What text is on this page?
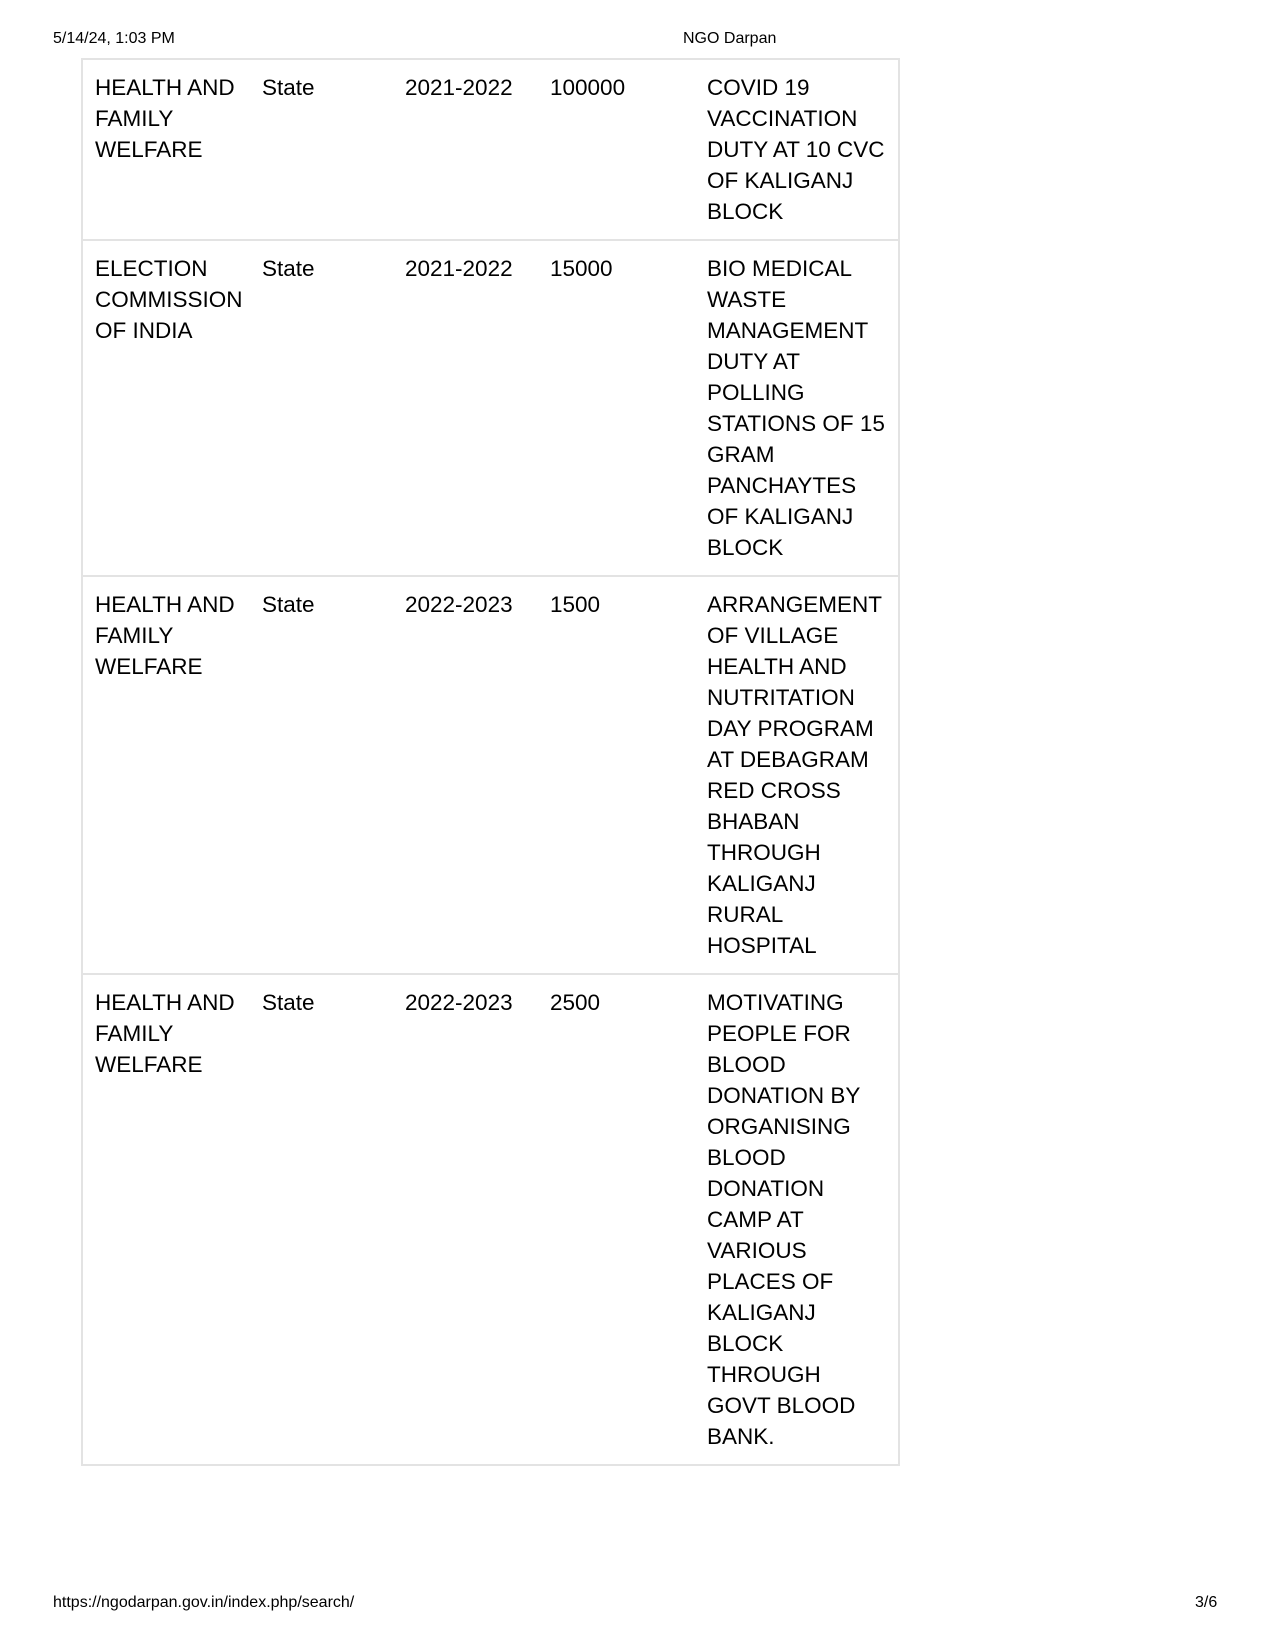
5/14/24, 1:03 PM	NGO Darpan
HEALTH AND FAMILY WELFARE	State	2021-2022	100000	COVID 19 VACCINATION DUTY AT 10 CVC OF KALIGANJ BLOCK
ELECTION COMMISSION OF INDIA	State	2021-2022	15000	BIO MEDICAL WASTE MANAGEMENT DUTY AT POLLING STATIONS OF 15 GRAM PANCHAYTES OF KALIGANJ BLOCK
HEALTH AND FAMILY WELFARE	State	2022-2023	1500	ARRANGEMENT OF VILLAGE HEALTH AND NUTRITATION DAY PROGRAM AT DEBAGRAM RED CROSS BHABAN THROUGH KALIGANJ RURAL HOSPITAL
HEALTH AND FAMILY WELFARE	State	2022-2023	2500	MOTIVATING PEOPLE FOR BLOOD DONATION BY ORGANISING BLOOD DONATION CAMP AT VARIOUS PLACES OF KALIGANJ BLOCK THROUGH GOVT BLOOD BANK.
https://ngodarpan.gov.in/index.php/search/	3/6
